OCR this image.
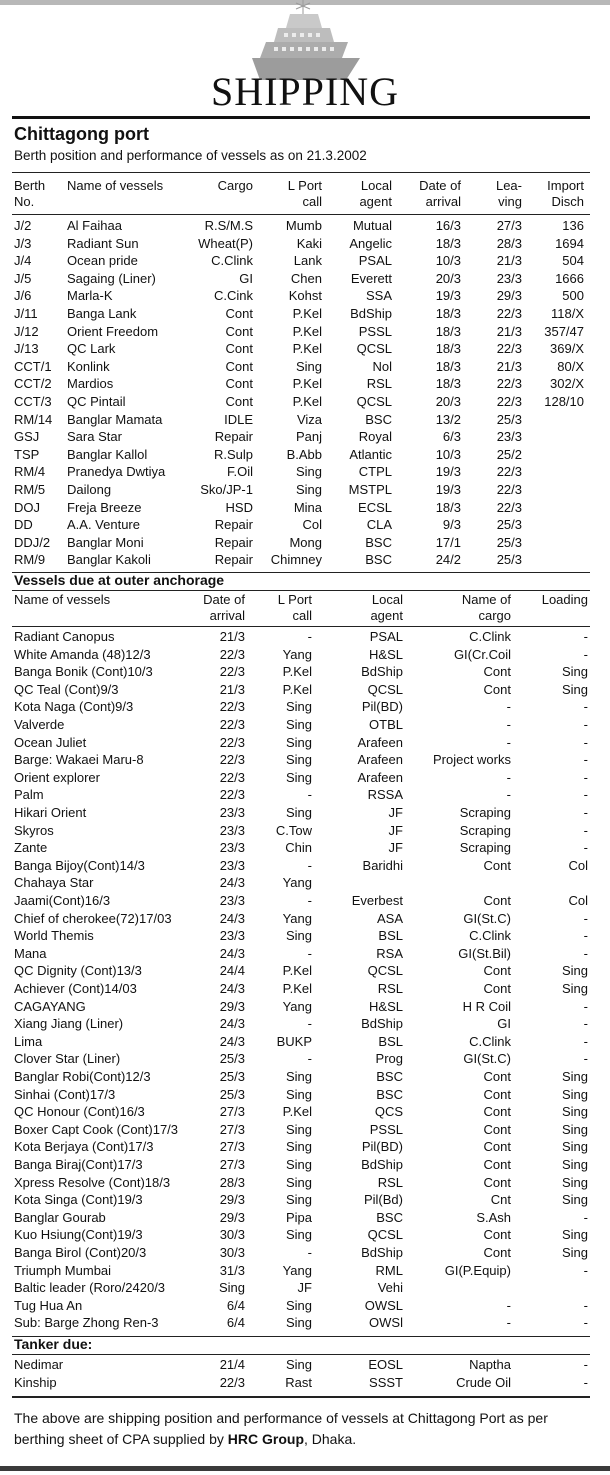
SHIPPING
Chittagong port
Berth position and performance of vessels as on 21.3.2002
Berth	Name of vessels	Cargo	L Port	Local	Date of	Lea-	Import
No.	call	agent	arrival	ving	Disch
J/2	Al Faihaa	R.S/M.S	Mumb	Mutual	16/3	27/3	136
J/3	Radiant Sun	Wheat(P)	Kaki	Angelic	18/3	28/3	1694
J/4	Ocean pride	C.Clink	Lank	PSAL	10/3	21/3	504
J/5	Sagaing (Liner)	GI	Chen	Everett	20/3	23/3	1666
J/6	Marla-K	C.Cink	Kohst	SSA	19/3	29/3	500
J/11	Banga Lank	Cont	P.Kel	BdShip	18/3	22/3	118/X
J/12	Orient Freedom	Cont	P.Kel	PSSL	18/3	21/3	357/47
J/13	QC Lark	Cont	P.Kel	QCSL	18/3	22/3	369/X
CCT/1	Konlink	Cont	Sing	Nol	18/3	21/3	80/X
CCT/2	Mardios	Cont	P.Kel	RSL	18/3	22/3	302/X
CCT/3	QC Pintail	Cont	P.Kel	QCSL	20/3	22/3	128/10
RM/14	Banglar Mamata	IDLE	Viza	BSC	13/2	25/3
GSJ	Sara Star	Repair	Panj	Royal	6/3	23/3
TSP	Banglar Kallol	R.Sulp	B.Abb	Atlantic	10/3	25/2
RM/4	Pranedya Dwtiya	F.Oil	Sing	CTPL	19/3	22/3
RM/5	Dailong	Sko/JP-1	Sing	MSTPL	19/3	22/3
DOJ	Freja Breeze	HSD	Mina	ECSL	18/3	22/3
DD	A.A. Venture	Repair	Col	CLA	9/3	25/3
DDJ/2	Banglar Moni	Repair	Mong	BSC	17/1	25/3
RM/9	Banglar Kakoli	Repair	Chimney	BSC	24/2	25/3
Vessels due at outer anchorage
Name of vessels	Date of	L Port	Local	Name of	Loading
arrival	call	agent	cargo
Radiant Canopus	21/3	-	PSAL	C.Clink	-
White Amanda (48)12/3	22/3	Yang	H&SL	GI(Cr.Coil	-
Banga Bonik (Cont)10/3	22/3	P.Kel	BdShip	Cont	Sing
QC Teal (Cont)9/3	21/3	P.Kel	QCSL	Cont	Sing
Kota Naga (Cont)9/3	22/3	Sing	Pil(BD)	-	-
Valverde	22/3	Sing	OTBL	-	-
Ocean Juliet	22/3	Sing	Arafeen	-	-
Barge: Wakaei Maru-8	22/3	Sing	Arafeen	Project works	-
Orient explorer	22/3	Sing	Arafeen	-	-
Palm	22/3	-	RSSA	-	-
Hikari Orient	23/3	Sing	JF	Scraping	-
Skyros	23/3	C.Tow	JF	Scraping	-
Zante	23/3	Chin	JF	Scraping	-
Banga Bijoy(Cont)14/3	23/3	-	Baridhi	Cont	Col
Chahaya Star	24/3	Yang
Jaami(Cont)16/3	23/3	-	Everbest	Cont	Col
Chief of cherokee(72)17/03	24/3	Yang	ASA	GI(St.C)	-
World Themis	23/3	Sing	BSL	C.Clink	-
Mana	24/3	-	RSA	GI(St.Bil)	-
QC Dignity (Cont)13/3	24/4	P.Kel	QCSL	Cont	Sing
Achiever (Cont)14/03	24/3	P.Kel	RSL	Cont	Sing
CAGAYANG	29/3	Yang	H&SL	H R Coil	-
Xiang Jiang (Liner)	24/3	-	BdShip	GI	-
Lima	24/3	BUKP	BSL	C.Clink	-
Clover Star (Liner)	25/3	-	Prog	GI(St.C)	-
Banglar Robi(Cont)12/3	25/3	Sing	BSC	Cont	Sing
Sinhai (Cont)17/3	25/3	Sing	BSC	Cont	Sing
QC Honour (Cont)16/3	27/3	P.Kel	QCS	Cont	Sing
Boxer Capt Cook (Cont)17/3	27/3	Sing	PSSL	Cont	Sing
Kota Berjaya (Cont)17/3	27/3	Sing	Pil(BD)	Cont	Sing
Banga Biraj(Cont)17/3	27/3	Sing	BdShip	Cont	Sing
Xpress Resolve (Cont)18/3	28/3	Sing	RSL	Cont	Sing
Kota Singa (Cont)19/3	29/3	Sing	Pil(Bd)	Cnt	Sing
Banglar Gourab	29/3	Pipa	BSC	S.Ash	-
Kuo Hsiung(Cont)19/3	30/3	Sing	QCSL	Cont	Sing
Banga Birol (Cont)20/3	30/3	-	BdShip	Cont	Sing
Triumph Mumbai	31/3	Yang	RML	GI(P.Equip)	-
Baltic leader (Roro/2420/3	Sing	JF	Vehi
Tug Hua An	6/4	Sing	OWSL	-	-
Sub: Barge Zhong Ren-3	6/4	Sing	OWSl	-	-
Tanker due:
Nedimar	21/4	Sing	EOSL	Naptha	-
Kinship	22/3	Rast	SSST	Crude Oil	-
The above are shipping position and performance of vessels at Chittagong Port as per berthing sheet of CPA supplied by HRC Group, Dhaka.
